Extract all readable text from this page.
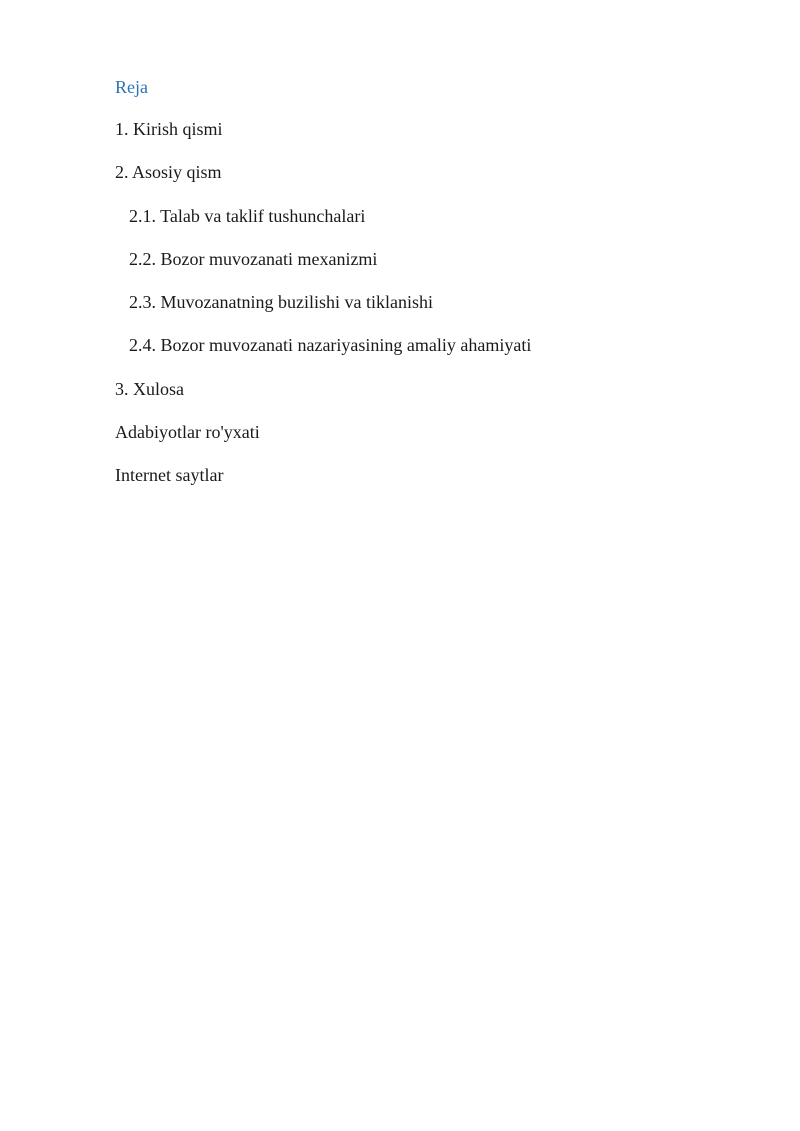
Reja
1. Kirish qismi
2. Asosiy qism
2.1. Talab va taklif tushunchalari
2.2. Bozor muvozanati mexanizmi
2.3. Muvozanatning buzilishi va tiklanishi
2.4. Bozor muvozanati nazariyasining amaliy ahamiyati
3. Xulosa
Adabiyotlar ro'yxati
Internet saytlar
